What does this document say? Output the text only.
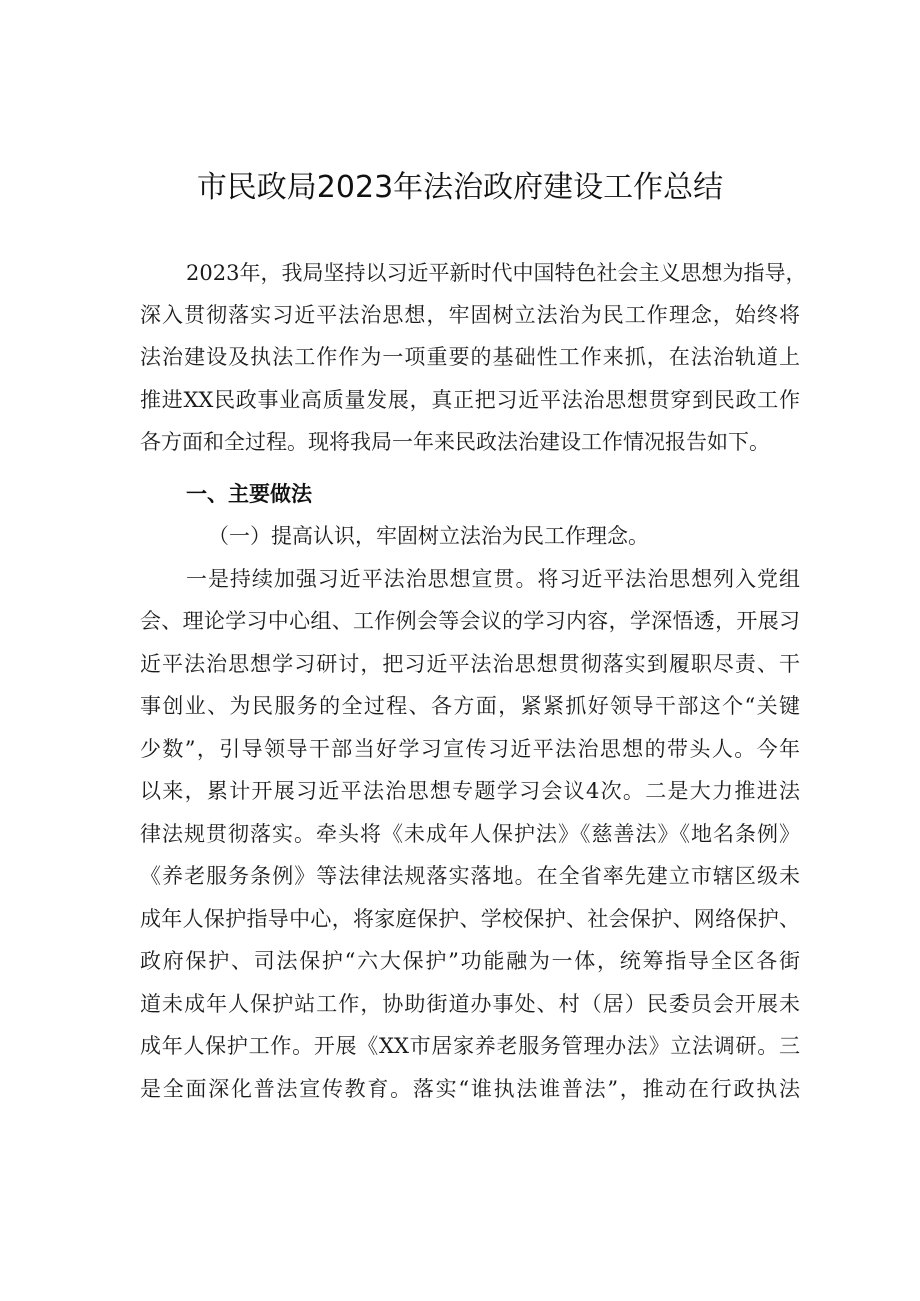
市民政局2023年法治政府建设工作总结
2023年，我局坚持以习近平新时代中国特色社会主义思想为指导，
深入贯彻落实习近平法治思想，牢固树立法治为民工作理念，始终将
法治建设及执法工作作为一项重要的基础性工作来抓，在法治轨道上
推进XX民政事业高质量发展，真正把习近平法治思想贯穿到民政工作
各方面和全过程。现将我局一年来民政法治建设工作情况报告如下。
一、主要做法
（一）提高认识，牢固树立法治为民工作理念。
一是持续加强习近平法治思想宣贯。将习近平法治思想列入党组
会、理论学习中心组、工作例会等会议的学习内容，学深悟透，开展习
近平法治思想学习研讨，把习近平法治思想贯彻落实到履职尽责、干
事创业、为民服务的全过程、各方面，紧紧抓好领导干部这个“关键
少数”，引导领导干部当好学习宣传习近平法治思想的带头人。今年
以来，累计开展习近平法治思想专题学习会议4次。二是大力推进法
律法规贯彻落实。牵头将《未成年人保护法》《慈善法》《地名条例》
《养老服务条例》等法律法规落实落地。在全省率先建立市辖区级未
成年人保护指导中心，将家庭保护、学校保护、社会保护、网络保护、
政府保护、司法保护“六大保护”功能融为一体，统筹指导全区各街
道未成年人保护站工作，协助街道办事处、村（居）民委员会开展未
成年人保护工作。开展《XX市居家养老服务管理办法》立法调研。三
是全面深化普法宣传教育。落实“谁执法谁普法”，推动在行政执法
